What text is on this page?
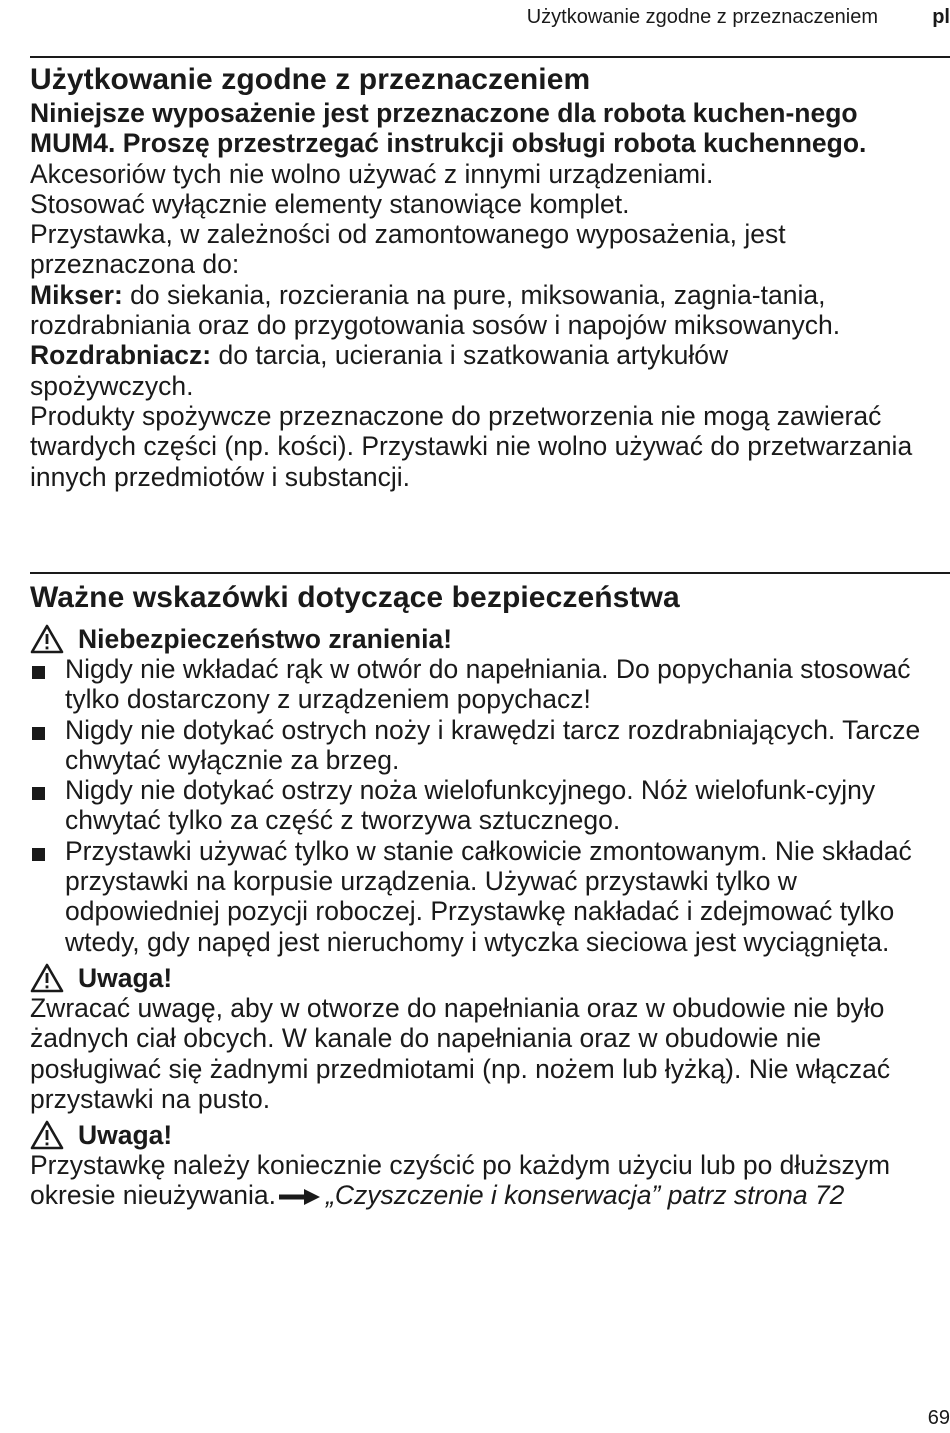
Użytkowanie zgodne z przeznaczeniem	pl
Użytkowanie zgodne z przeznaczeniem

Niniejsze wyposażenie jest przeznaczone dla robota kuchen-nego MUM4. Proszę przestrzegać instrukcji obsługi robota kuchennego.

Akcesoriów tych nie wolno używać z innymi urządzeniami.

Stosować wyłącznie elementy stanowiące komplet.

Przystawka, w zależności od zamontowanego wyposażenia, jest przeznaczona do:

Mikser: do siekania, rozcierania na pure, miksowania, zagnia-tania, rozdrabniania oraz do przygotowania sosów i napojów miksowanych.

Rozdrabniacz: do tarcia, ucierania i szatkowania artykułów spożywczych.

Produkty spożywcze przeznaczone do przetworzenia nie mogą zawierać twardych części (np. kości). Przystawki nie wolno używać do przetwarzania innych przedmiotów i substancji.

Ważne wskazówki dotyczące bezpieczeństwa
Niebezpieczeństwo zranienia!
Nigdy nie wkładać rąk w otwór do napełniania. Do popychania stosować tylko dostarczony z urządzeniem popychacz!
Nigdy nie dotykać ostrych noży i krawędzi tarcz rozdrabniających. Tarcze chwytać wyłącznie za brzeg.
Nigdy nie dotykać ostrzy noża wielofunkcyjnego. Nóż wielofunk-cyjny chwytać tylko za część z tworzywa sztucznego.
Przystawki używać tylko w stanie całkowicie zmontowanym. Nie składać przystawki na korpusie urządzenia. Używać przystawki tylko w odpowiedniej pozycji roboczej. Przystawkę nakładać i zdejmować tylko wtedy, gdy napęd jest nieruchomy i wtyczka sieciowa jest wyciągnięta.
Uwaga!

Zwracać uwagę, aby w otworze do napełniania oraz w obudowie nie było żadnych ciał obcych. W kanale do napełniania oraz w obudowie nie posługiwać się żadnymi przedmiotami (np. nożem lub łyżką). Nie włączać przystawki na pusto.

Uwaga!

Przystawkę należy koniecznie czyścić po każdym użyciu lub po dłuższym okresie nieużywania. „Czyszczenie i konserwacja” patrz strona 72

69
